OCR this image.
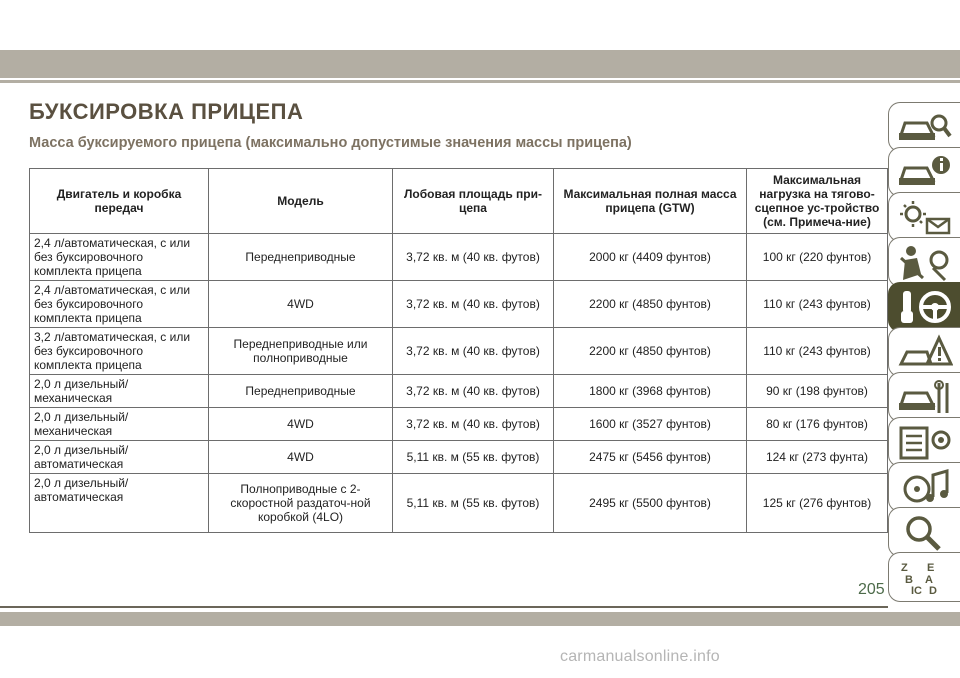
БУКСИРОВКА ПРИЦЕПА
Масса буксируемого прицепа (максимально допустимые значения массы прицепа)
Двигатель и коробка передач	Модель	Лобовая площадь при-цепа	Максимальная полная масса прицепа (GTW)	Максимальная нагрузка на тягово-сцепное ус-тройство (см. Примеча-ние)
2,4 л/автоматическая, с или без буксировочного комплекта прицепа	Переднеприводные	3,72 кв. м (40 кв. футов)	2000 кг (4409 фунтов)	100 кг (220 фунтов)
2,4 л/автоматическая, с или без буксировочного комплекта прицепа	4WD	3,72 кв. м (40 кв. футов)	2200 кг (4850 фунтов)	110 кг (243 фунтов)
3,2 л/автоматическая, с или без буксировочного комплекта прицепа	Переднеприводные или полноприводные	3,72 кв. м (40 кв. футов)	2200 кг (4850 фунтов)	110 кг (243 фунтов)
2,0 л дизельный/ механическая	Переднеприводные	3,72 кв. м (40 кв. футов)	1800 кг (3968 фунтов)	90 кг (198 фунтов)
2,0 л дизельный/ механическая	4WD	3,72 кв. м (40 кв. футов)	1600 кг (3527 фунтов)	80 кг (176 фунтов)
2,0 л дизельный/ автоматическая	4WD	5,11 кв. м (55 кв. футов)	2475 кг (5456 фунтов)	124 кг (273 фунта)
2,0 л дизельный/ автоматическая	Полноприводные с 2-скоростной раздаточ-ной коробкой (4LO)	5,11 кв. м (55 кв. футов)	2495 кг (5500 фунтов)	125 кг (276 фунтов)
Z E
B A
IC D

205

carmanualsonline.info
